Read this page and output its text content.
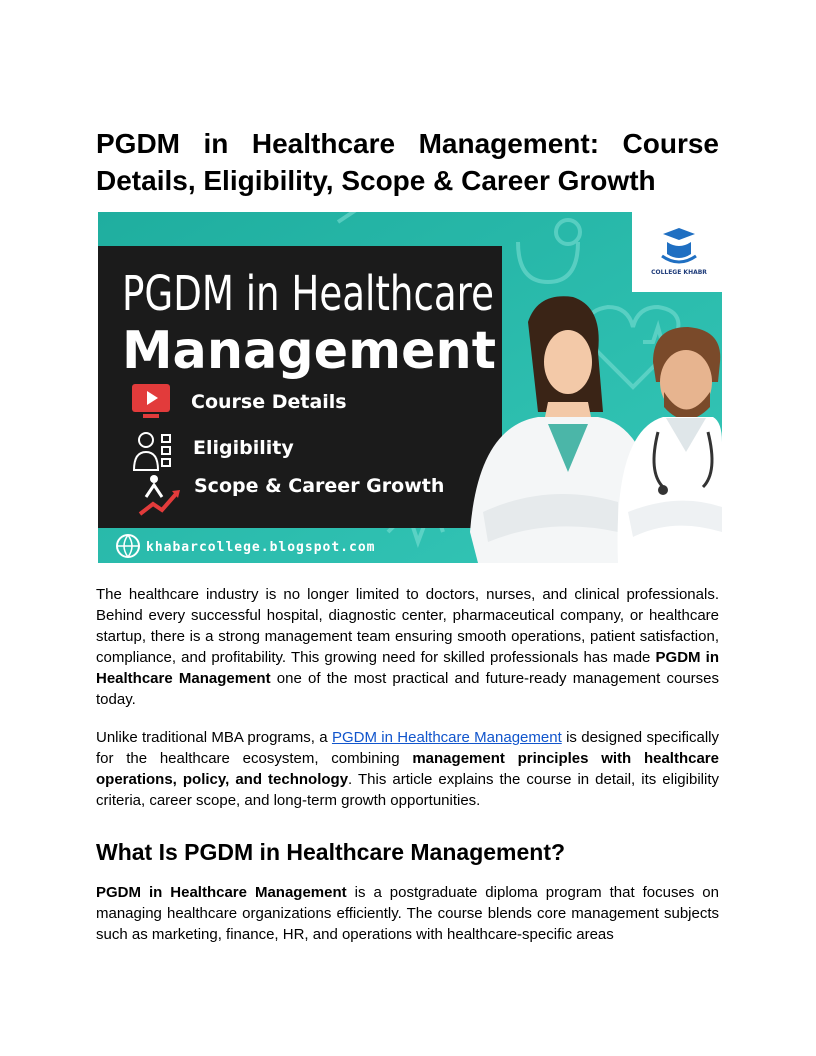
PGDM in Healthcare Management: Course
Details, Eligibility, Scope & Career Growth
COLLEGE KHABR
PGDM in Healthcare
Management
Course Details
Eligibility
Scope & Career Growth
khabarcollege.blogspot.com

The healthcare industry is no longer limited to doctors, nurses, and clinical professionals. Behind every successful hospital, diagnostic center, pharmaceutical company, or healthcare startup, there is a strong management team ensuring smooth operations, patient satisfaction, compliance, and profitability. This growing need for skilled professionals has made PGDM in Healthcare Management one of the most practical and future-ready management courses today.

Unlike traditional MBA programs, a PGDM in Healthcare Management is designed specifically for the healthcare ecosystem, combining management principles with healthcare operations, policy, and technology. This article explains the course in detail, its eligibility criteria, career scope, and long-term growth opportunities.

What Is PGDM in Healthcare Management?

PGDM in Healthcare Management is a postgraduate diploma program that focuses on managing healthcare organizations efficiently. The course blends core management subjects such as marketing, finance, HR, and operations with healthcare-specific areas
